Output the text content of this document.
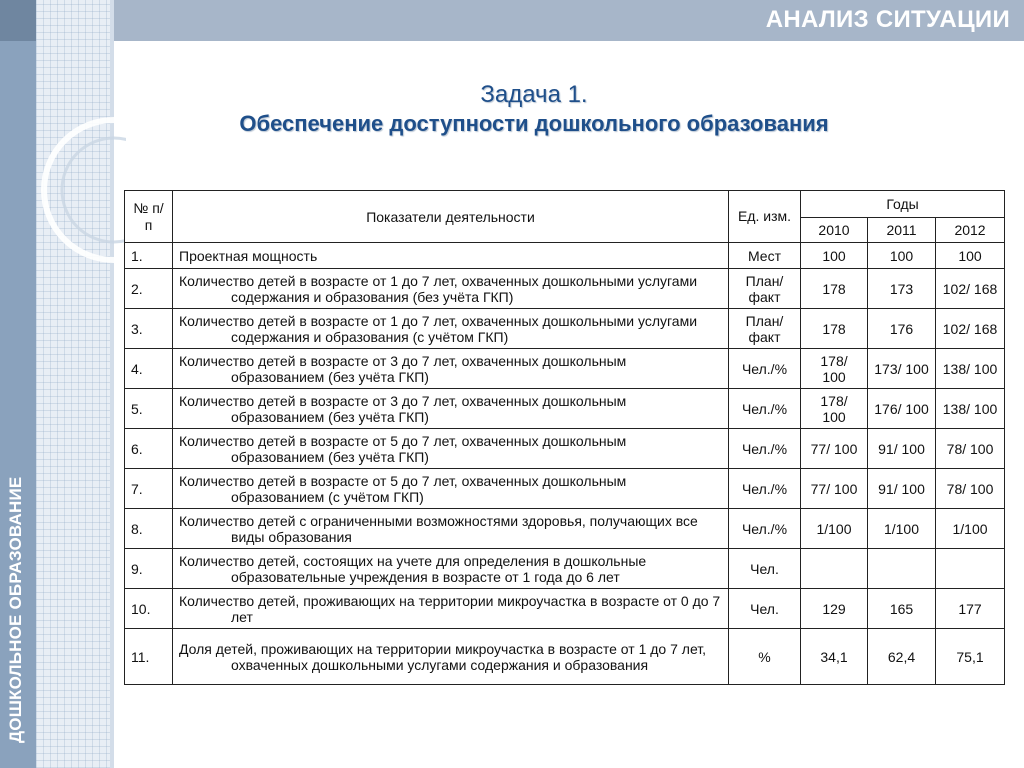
АНАЛИЗ СИТУАЦИИ
ДОШКОЛЬНОЕ ОБРАЗОВАНИЕ
Задача 1.
Обеспечение доступности дошкольного образования
№ п/п	Показатели деятельности	Ед. изм.	Годы		
			2010	2011	2012
1.	Проектная мощность	Мест	100	100	100
2.	Количество детей в возрасте от 1 до 7 лет, охваченных дошкольными услугами содержания и образования (без учёта ГКП)	План/ факт	178	173	102/ 168
3.	Количество детей в возрасте от 1 до 7 лет, охваченных дошкольными услугами содержания и образования (с учётом ГКП)	План/ факт	178	176	102/ 168
4.	Количество детей в возрасте от 3 до 7 лет, охваченных дошкольным образованием (без учёта ГКП)	Чел./%	178/ 100	173/ 100	138/ 100
5.	Количество детей в возрасте от 3 до 7 лет, охваченных дошкольным образованием (без учёта ГКП)	Чел./%	178/ 100	176/ 100	138/ 100
6.	Количество детей в возрасте от 5 до 7 лет, охваченных дошкольным образованием (без учёта ГКП)	Чел./%	77/ 100	91/ 100	78/ 100
7.	Количество детей в возрасте от 5 до 7 лет, охваченных дошкольным образованием (с учётом ГКП)	Чел./%	77/ 100	91/ 100	78/ 100
8.	Количество детей с ограниченными возможностями здоровья, получающих все виды образования	Чел./%	1/100	1/100	1/100
9.	Количество детей, состоящих на учете для определения в дошкольные образовательные учреждения в возрасте от 1 года до 6 лет	Чел.			
10.	Количество детей, проживающих на территории микроучастка в возрасте от 0 до 7 лет	Чел.	129	165	177
11.	Доля детей, проживающих на территории микроучастка в возрасте от 1 до 7 лет, охваченных дошкольными услугами содержания и образования	%	34,1	62,4	75,1
